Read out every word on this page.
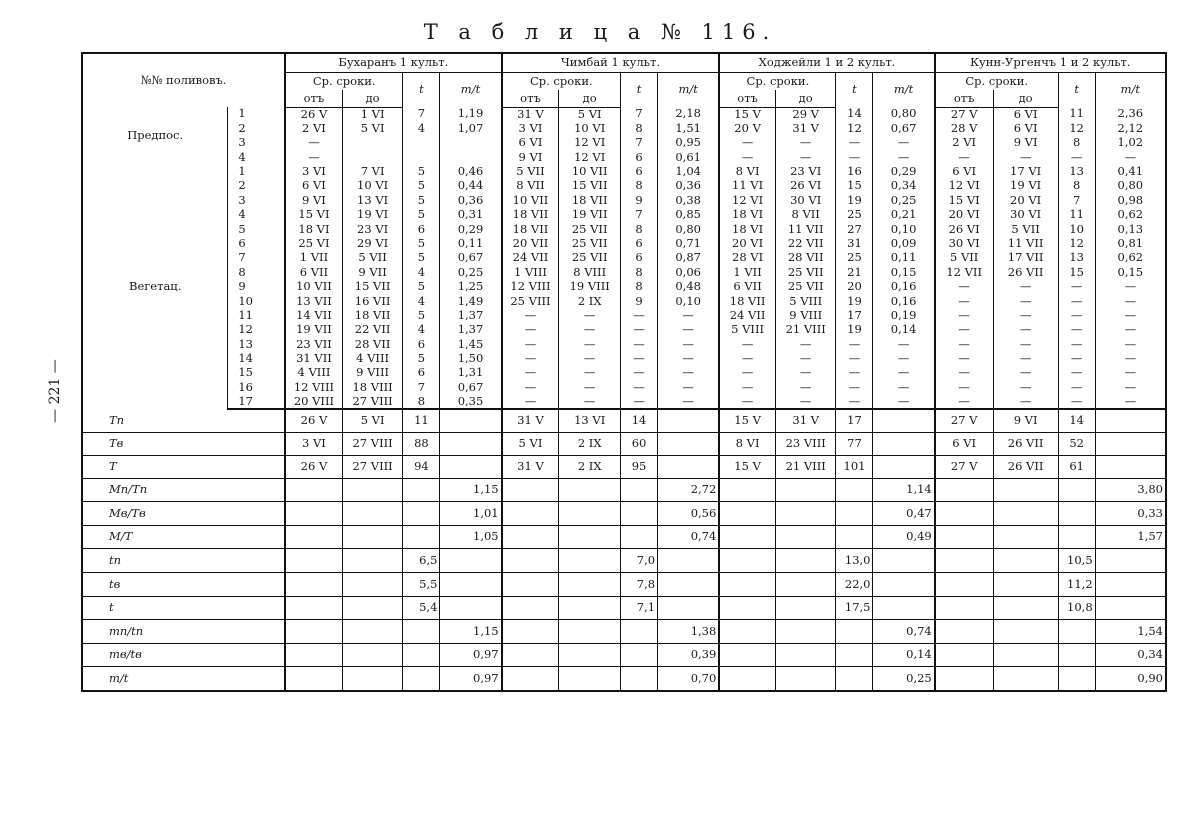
Т а б л и ц а № 116.
— 221 —
№№ поливовъ.		Бухаранъ 1 культ.				Чимбай 1 культ.				Ходжейли 1 и 2 культ.				Кунн-Ургенчъ 1 и 2 культ.			
		Ср. сроки.		t	m/t	Ср. сроки.		t	m/t	Ср. сроки.		t	m/t	Ср. сроки.		t	m/t
		отъ	до			отъ	до			отъ	до			отъ	до		
Предпос.	1	26 V	1 VI	7	1,19	31 V	5 VI	7	2,18	15 V	29 V	14	0,80	27 V	6 VI	11	2,36
	2	2 VI	5 VI	4	1,07	3 VI	10 VI	8	1,51	20 V	31 V	12	0,67	28 V	6 VI	12	2,12
	3	—				6 VI	12 VI	7	0,95	—	—	—	—	2 VI	9 VI	8	1,02
	4	—				9 VI	12 VI	6	0,61	—	—	—	—	—	—	—	—
Вегетац.	1	3 VI	7 VI	5	0,46	5 VII	10 VII	6	1,04	8 VI	23 VI	16	0,29	6 VI	17 VI	13	0,41
	2	6 VI	10 VI	5	0,44	8 VII	15 VII	8	0,36	11 VI	26 VI	15	0,34	12 VI	19 VI	8	0,80
	3	9 VI	13 VI	5	0,36	10 VII	18 VII	9	0,38	12 VI	30 VI	19	0,25	15 VI	20 VI	7	0,98
	4	15 VI	19 VI	5	0,31	18 VII	19 VII	7	0,85	18 VI	8 VII	25	0,21	20 VI	30 VI	11	0,62
	5	18 VI	23 VI	6	0,29	18 VII	25 VII	8	0,80	18 VI	11 VII	27	0,10	26 VI	5 VII	10	0,13
	6	25 VI	29 VI	5	0,11	20 VII	25 VII	6	0,71	20 VI	22 VII	31	0,09	30 VI	11 VII	12	0,81
	7	1 VII	5 VII	5	0,67	24 VII	25 VII	6	0,87	28 VI	28 VII	25	0,11	5 VII	17 VII	13	0,62
	8	6 VII	9 VII	4	0,25	1 VIII	8 VIII	8	0,06	1 VII	25 VII	21	0,15	12 VII	26 VII	15	0,15
	9	10 VII	15 VII	5	1,25	12 VIII	19 VIII	8	0,48	6 VII	25 VII	20	0,16	—	—	—	—
	10	13 VII	16 VII	4	1,49	25 VIII	2 IX	9	0,10	18 VII	5 VIII	19	0,16	—	—	—	—
	11	14 VII	18 VII	5	1,37	—	—	—	—	24 VII	9 VIII	17	0,19	—	—	—	—
	12	19 VII	22 VII	4	1,37	—	—	—	—	5 VIII	21 VIII	19	0,14	—	—	—	—
	13	23 VII	28 VII	6	1,45	—	—	—	—	—	—	—	—	—	—	—	—
	14	31 VII	4 VIII	5	1,50	—	—	—	—	—	—	—	—	—	—	—	—
	15	4 VIII	9 VIII	6	1,31	—	—	—	—	—	—	—	—	—	—	—	—
	16	12 VIII	18 VIII	7	0,67	—	—	—	—	—	—	—	—	—	—	—	—
	17	20 VIII	27 VIII	8	0,35	—	—	—	—	—	—	—	—	—	—	—	—
Тп		26 V	5 VI	11		31 V	13 VI	14		15 V	31 V	17		27 V	9 VI	14	
Тв		3 VI	27 VIII	88		5 VI	2 IX	60		8 VI	23 VIII	77		6 VI	26 VII	52	
T		26 V	27 VIII	94		31 V	2 IX	95		15 V	21 VIII	101		27 V	26 VII	61	
Мп/Тп					1,15				2,72				1,14				3,80
Мв/Тв					1,01				0,56				0,47				0,33
М/Т					1,05				0,74				0,49				1,57
tп				6,5				7,0				13,0				10,5	
tв				5,5				7,8				22,0				11,2	
t				5,4				7,1				17,5				10,8	
mп/tп					1,15				1,38				0,74				1,54
mв/tв					0,97				0,39				0,14				0,34
m/t					0,97				0,70				0,25				0,90
